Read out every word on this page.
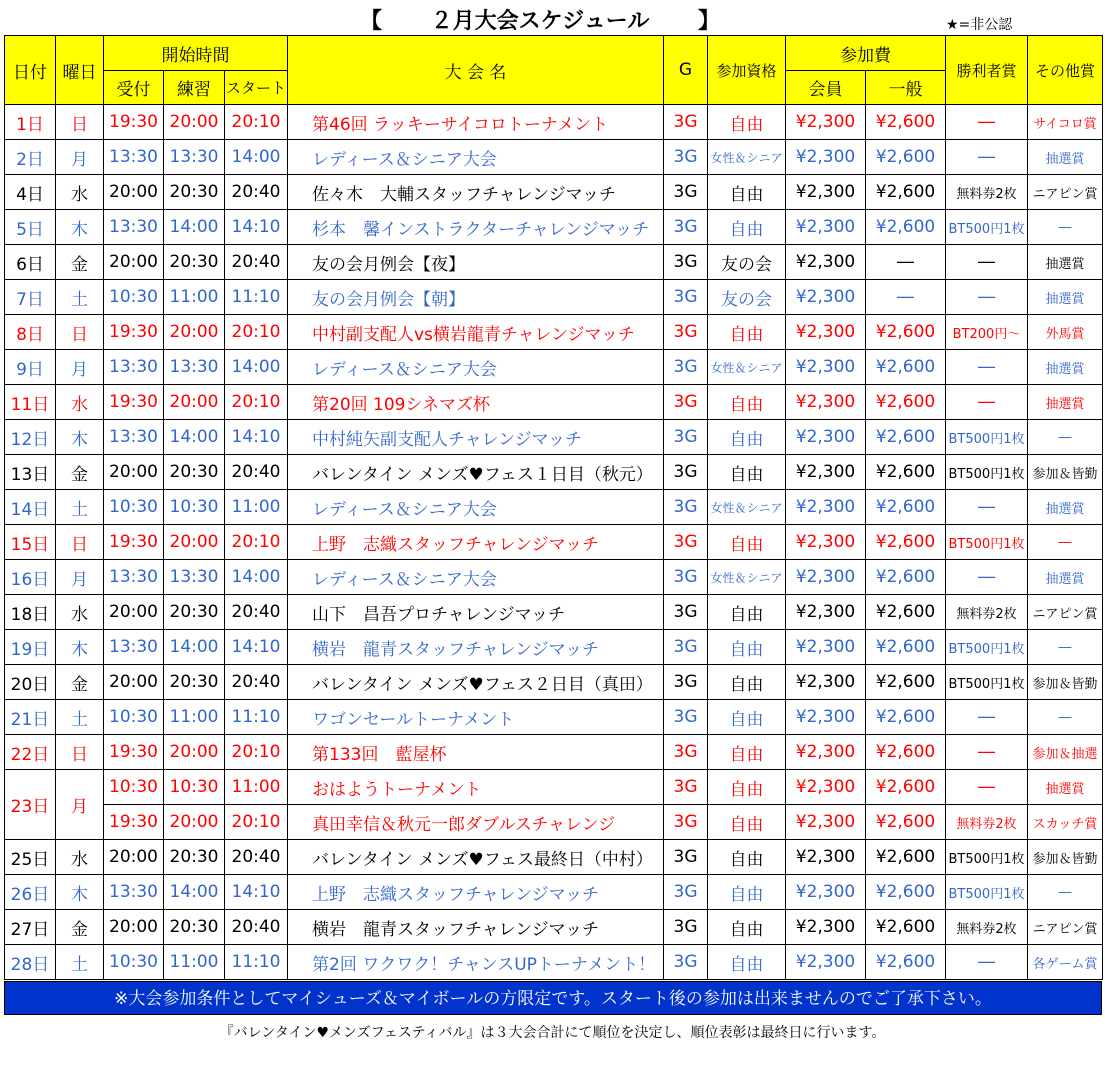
【 ２月大会スケジュール 】	★=非公認
日付	曜日	開始時間			大 会 名	G	参加資格	参加費		勝利者賞	その他賞
		受付	練習	スタート				会員	一般		
1日	日	19:30	20:00	20:10	第46回 ラッキーサイコロトーナメント	3G	自由	¥2,300	¥2,600	―	サイコロ賞
2日	月	13:30	13:30	14:00	レディース＆シニア大会	3G	女性＆シニア	¥2,300	¥2,600	―	抽選賞
4日	水	20:00	20:30	20:40	佐々木　大輔スタッフチャレンジマッチ	3G	自由	¥2,300	¥2,600	無料券2枚	ニアピン賞
5日	木	13:30	14:00	14:10	杉本　馨インストラクターチャレンジマッチ	3G	自由	¥2,300	¥2,600	BT500円1枚	―
6日	金	20:00	20:30	20:40	友の会月例会【夜】	3G	友の会	¥2,300	―	―	抽選賞
7日	土	10:30	11:00	11:10	友の会月例会【朝】	3G	友の会	¥2,300	―	―	抽選賞
8日	日	19:30	20:00	20:10	中村副支配人vs横岩龍青チャレンジマッチ	3G	自由	¥2,300	¥2,600	BT200円～	外馬賞
9日	月	13:30	13:30	14:00	レディース＆シニア大会	3G	女性＆シニア	¥2,300	¥2,600	―	抽選賞
11日	水	19:30	20:00	20:10	第20回 109シネマズ杯	3G	自由	¥2,300	¥2,600	―	抽選賞
12日	木	13:30	14:00	14:10	中村純矢副支配人チャレンジマッチ	3G	自由	¥2,300	¥2,600	BT500円1枚	―
13日	金	20:00	20:30	20:40	バレンタイン メンズ♥フェス１日目（秋元）	3G	自由	¥2,300	¥2,600	BT500円1枚	参加＆皆勤
14日	土	10:30	10:30	11:00	レディース＆シニア大会	3G	女性＆シニア	¥2,300	¥2,600	―	抽選賞
15日	日	19:30	20:00	20:10	上野　志織スタッフチャレンジマッチ	3G	自由	¥2,300	¥2,600	BT500円1枚	―
16日	月	13:30	13:30	14:00	レディース＆シニア大会	3G	女性＆シニア	¥2,300	¥2,600	―	抽選賞
18日	水	20:00	20:30	20:40	山下　昌吾プロチャレンジマッチ	3G	自由	¥2,300	¥2,600	無料券2枚	ニアピン賞
19日	木	13:30	14:00	14:10	横岩　龍青スタッフチャレンジマッチ	3G	自由	¥2,300	¥2,600	BT500円1枚	―
20日	金	20:00	20:30	20:40	バレンタイン メンズ♥フェス２日目（真田）	3G	自由	¥2,300	¥2,600	BT500円1枚	参加＆皆勤
21日	土	10:30	11:00	11:10	ワゴンセールトーナメント	3G	自由	¥2,300	¥2,600	―	―
22日	日	19:30	20:00	20:10	第133回　藍屋杯	3G	自由	¥2,300	¥2,600	―	参加＆抽選
23日	月	10:30	10:30	11:00	おはようトーナメント	3G	自由	¥2,300	¥2,600	―	抽選賞
		19:30	20:00	20:10	真田幸信＆秋元一郎ダブルスチャレンジ	3G	自由	¥2,300	¥2,600	無料券2枚	スカッチ賞
25日	水	20:00	20:30	20:40	バレンタイン メンズ♥フェス最終日（中村）	3G	自由	¥2,300	¥2,600	BT500円1枚	参加＆皆勤
26日	木	13:30	14:00	14:10	上野　志織スタッフチャレンジマッチ	3G	自由	¥2,300	¥2,600	BT500円1枚	―
27日	金	20:00	20:30	20:40	横岩　龍青スタッフチャレンジマッチ	3G	自由	¥2,300	¥2,600	無料券2枚	ニアピン賞
28日	土	10:30	11:00	11:10	第2回 ワクワク！チャンスUPトーナメント！	3G	自由	¥2,300	¥2,600	―	各ゲーム賞
※大会参加条件としてマイシューズ＆マイボールの方限定です。スタート後の参加は出来ませんのでご了承下さい。
『バレンタイン♥メンズフェスティバル』は３大会合計にて順位を決定し、順位表彰は最終日に行います。
